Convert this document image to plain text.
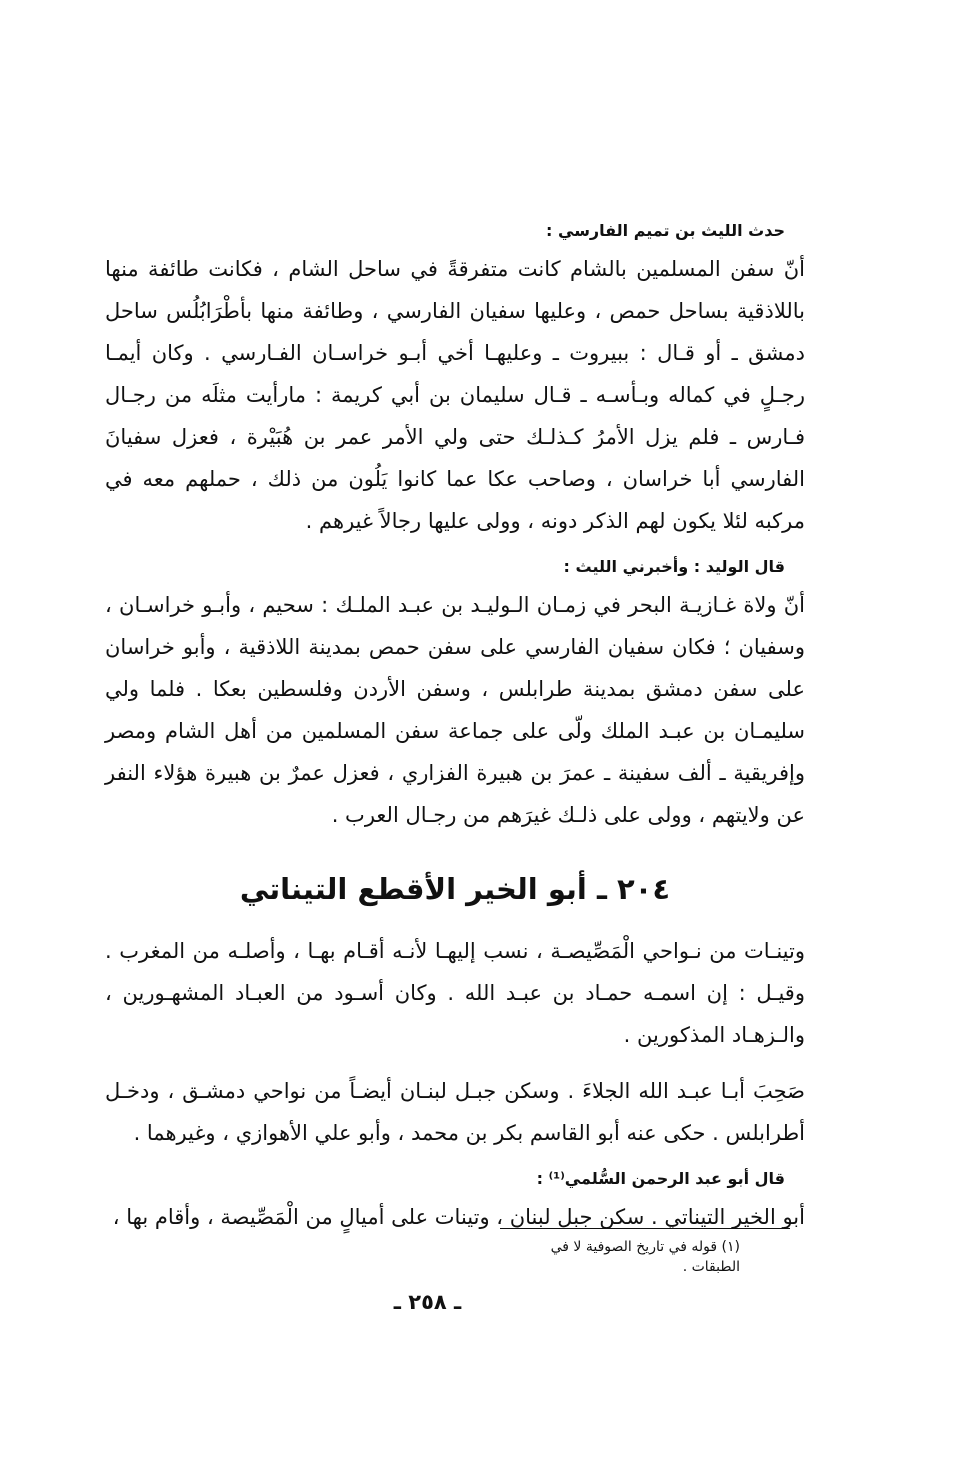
حدث الليث بن تميم الفارسي :

أنّ سفن المسلمين بالشام كانت متفرقةً في ساحل الشام ، فكانت طائفة منها باللاذقية بساحل حمص ، وعليها سفيان الفارسي ، وطائفة منها بأطْرَابُلُس ساحل دمشق ـ أو قـال : ببيروت ـ وعليهـا أخي أبـو خراسـان الفـارسي . وكان أيمـا رجـلٍ في كماله وبـأسـه ـ قـال سليمان بن أبي كريمة : مارأيت مثلَه من رجـال فـارس ـ فلم يزل الأمرُ كـذلـك حتى ولي الأمر عمر بن هُبَيْرة ، فعزل سفيانَ الفارسي أبا خراسان ، وصاحب عكا عما كانوا يَلُون من ذلك ، حملهم معه في مركبه لئلا يكون لهم الذكر دونه ، وولى عليها رجالاً غيرهم .

قال الوليد : وأخبرني الليث :

أنّ ولاة غـازيـة البحر في زمـان الـوليـد بن عبـد الملـك : سحيم ، وأبـو خراسـان ، وسفيان ؛ فكان سفيان الفارسي على سفن حمص بمدينة اللاذقية ، وأبو خراسان على سفن دمشق بمدينة طرابلس ، وسفن الأردن وفلسطين بعكا . فلما ولي سليمـان بن عبـد الملك ولّى على جماعة سفن المسلمين من أهل الشام ومصر وإفريقية ـ ألف سفينة ـ عمرَ بن هبيرة الفزاري ، فعزل عمرٌ بن هبيرة هؤلاء النفر عن ولايتهم ، وولى على ذلـك غيرَهم من رجـال العرب .

٢٠٤ ـ أبو الخير الأقطع التيناتي

وتينـات من نـواحي الْمَصِّيصـة ، نسب إليهـا لأنـه أقـام بهـا ، وأصلـه من المغرب . وقيـل : إن اسمـه حمـاد بن عبـد الله . وكان أسـود من العبـاد المشهـورين ، والـزهـاد المذكورين .

صَحِبَ أبـا عبـد الله الجلاءَ . وسكن جبـل لبنـان أيضـاً من نواحي دمشـق ، ودخـل أطرابلس . حكى عنه أبو القاسم بكر بن محمد ، وأبو علي الأهوازي ، وغيرهما .

قال أبو عبد الرحمن السُّلمي⁽¹⁾ :

أبو الخير التيناتي . سكن جبل لبنان ، وتينات على أميالٍ من الْمَصِّيصة ، وأقام بها ،

(١) قوله في تاريخ الصوفية لا في الطبقات .

ـ ٢٥٨ ـ
